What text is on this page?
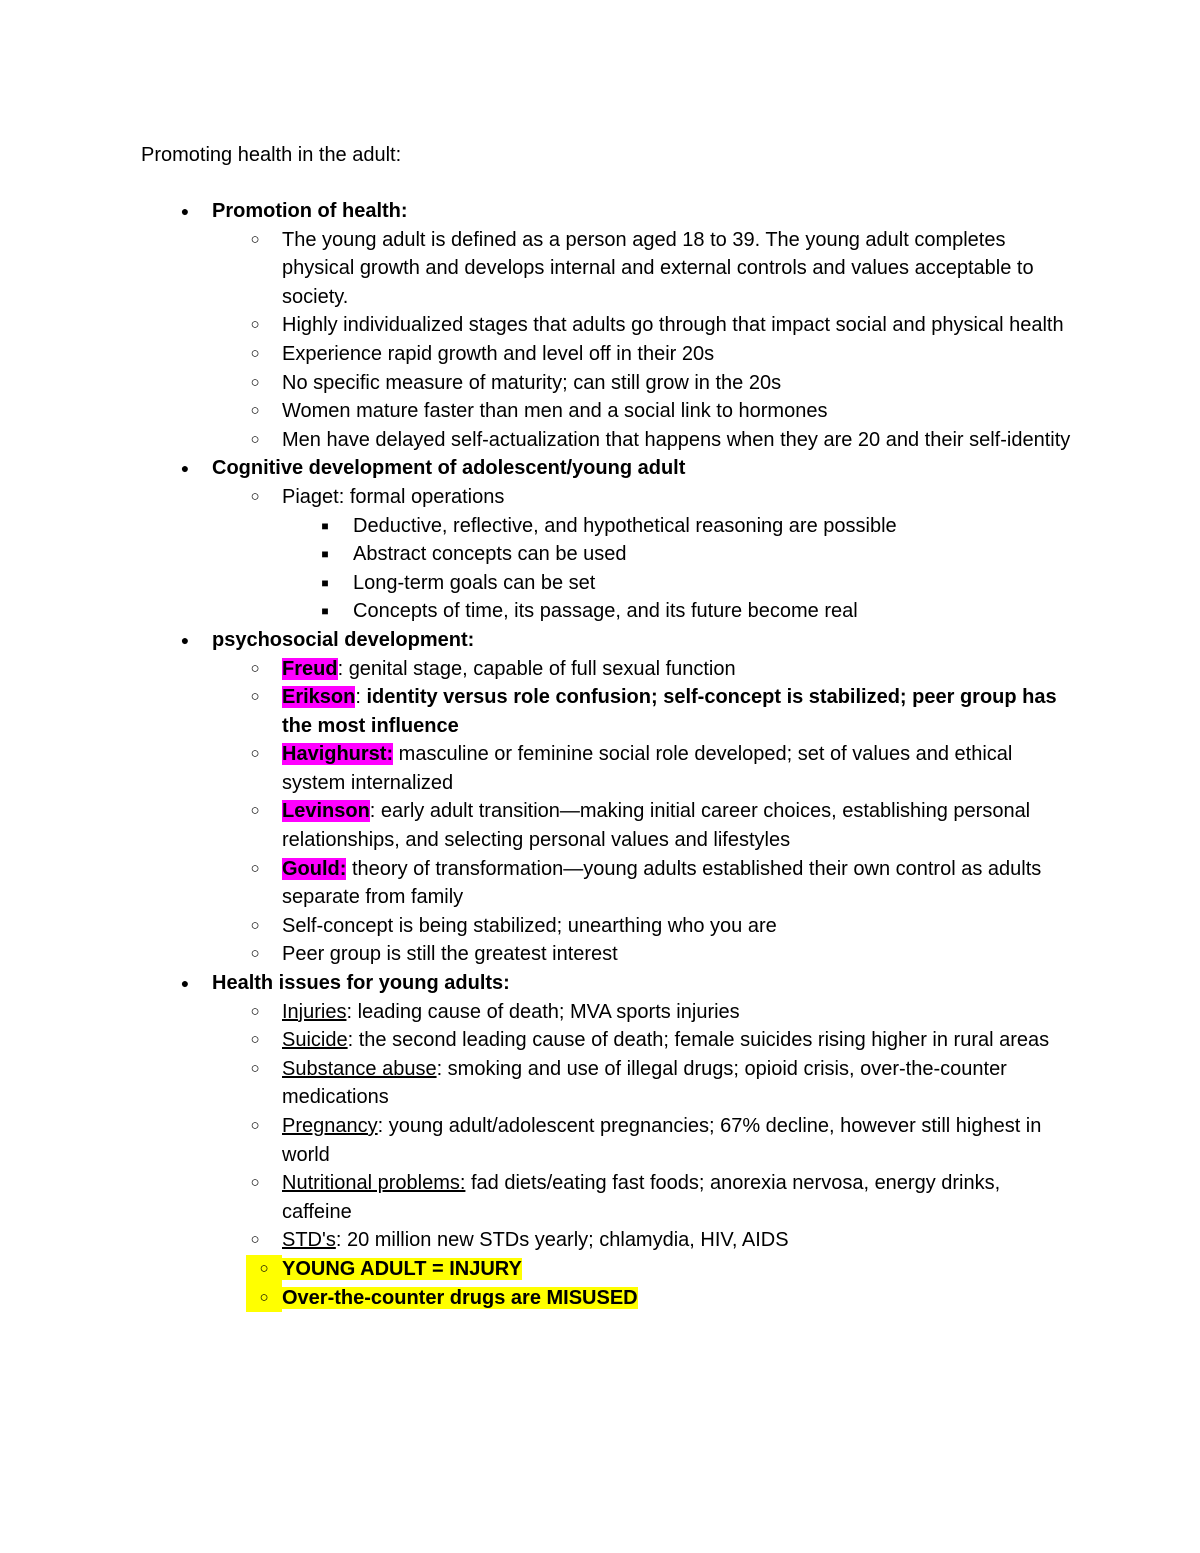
Promoting health in the adult:
● Promotion of health:
○ The young adult is defined as a person aged 18 to 39. The young adult completes physical growth and develops internal and external controls and values acceptable to society.
○ Highly individualized stages that adults go through that impact social and physical health
○ Experience rapid growth and level off in their 20s
○ No specific measure of maturity; can still grow in the 20s
○ Women mature faster than men and a social link to hormones
○ Men have delayed self-actualization that happens when they are 20 and their self-identity
● Cognitive development of adolescent/young adult
○ Piaget: formal operations
■ Deductive, reflective, and hypothetical reasoning are possible
■ Abstract concepts can be used
■ Long-term goals can be set
■ Concepts of time, its passage, and its future become real
● psychosocial development:
○ Freud: genital stage, capable of full sexual function
○ Erikson: identity versus role confusion; self-concept is stabilized; peer group has the most influence
○ Havighurst: masculine or feminine social role developed; set of values and ethical system internalized
○ Levinson: early adult transition—making initial career choices, establishing personal relationships, and selecting personal values and lifestyles
○ Gould: theory of transformation—young adults established their own control as adults separate from family
○ Self-concept is being stabilized; unearthing who you are
○ Peer group is still the greatest interest
● Health issues for young adults:
○ Injuries: leading cause of death; MVA sports injuries
○ Suicide: the second leading cause of death; female suicides rising higher in rural areas
○ Substance abuse: smoking and use of illegal drugs; opioid crisis, over-the-counter medications
○ Pregnancy: young adult/adolescent pregnancies; 67% decline, however still highest in world
○ Nutritional problems: fad diets/eating fast foods; anorexia nervosa, energy drinks, caffeine
○ STD's: 20 million new STDs yearly; chlamydia, HIV, AIDS
○ YOUNG ADULT = INJURY
○ Over-the-counter drugs are MISUSED
